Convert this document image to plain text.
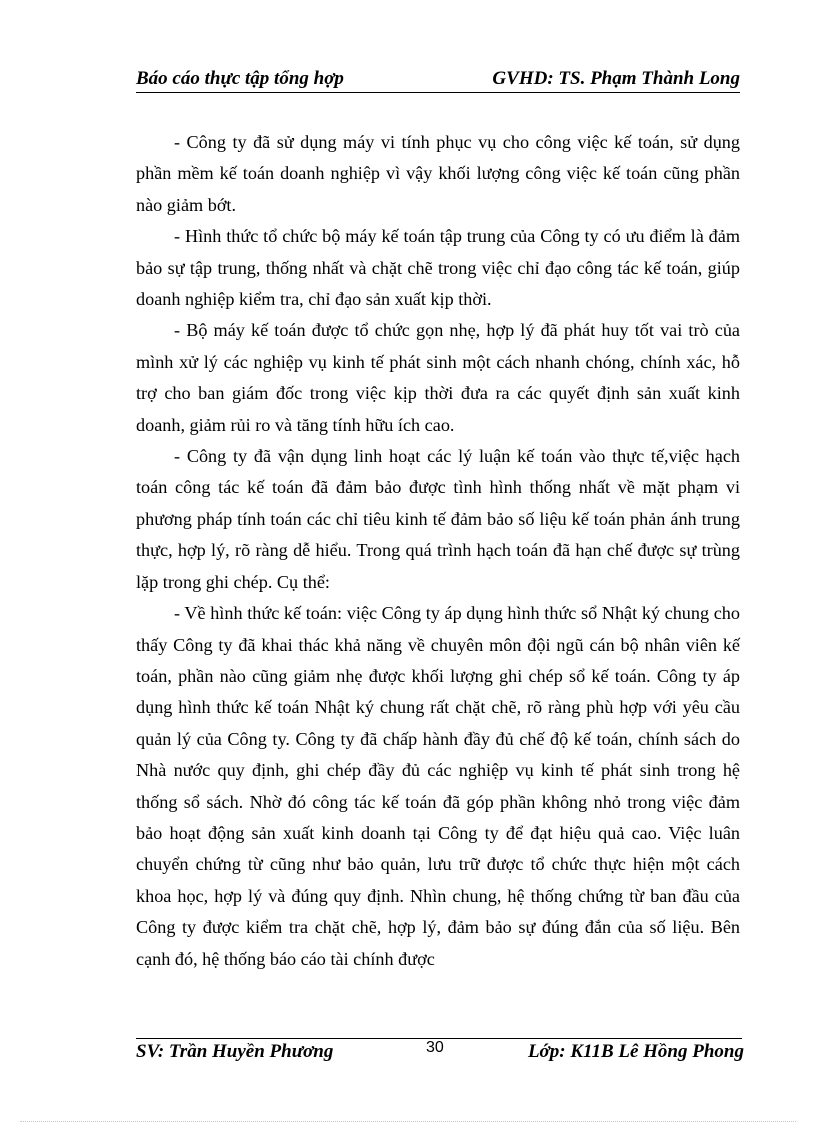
Báo cáo thực tập tổng hợp	GVHD: TS. Phạm Thành Long

- Công ty đã sử dụng máy vi tính phục vụ cho công việc kế toán, sử dụng phần mềm kế toán doanh nghiệp vì vậy khối lượng công việc kế toán cũng phần nào giảm bớt.

- Hình thức tổ chức bộ máy kế toán tập trung của Công ty có ưu điểm là đảm bảo sự tập trung, thống nhất và chặt chẽ trong việc chỉ đạo công tác kế toán, giúp doanh nghiệp kiểm tra, chỉ đạo sản xuất kịp thời.

- Bộ máy kế toán được tổ chức gọn nhẹ, hợp lý đã phát huy tốt vai trò của mình xử lý các nghiệp vụ kinh tế phát sinh một cách nhanh chóng, chính xác, hỗ trợ cho ban giám đốc trong việc kịp thời đưa ra các quyết định sản xuất kinh doanh, giảm rủi ro và tăng tính hữu ích cao.

- Công ty đã vận dụng linh hoạt các lý luận kế toán vào thực tế,việc hạch toán công tác kế toán đã đảm bảo được tình hình thống nhất về mặt phạm vi phương pháp tính toán các chỉ tiêu kinh tế đảm bảo số liệu kế toán phản ánh trung thực, hợp lý, rõ ràng dễ hiểu. Trong quá trình hạch toán đã hạn chế được sự trùng lặp trong ghi chép. Cụ thể:

- Về hình thức kế toán: việc Công ty áp dụng hình thức sổ Nhật ký chung cho thấy Công ty đã khai thác khả năng về chuyên môn đội ngũ cán bộ nhân viên kế toán, phần nào cũng giảm nhẹ được khối lượng ghi chép sổ kế toán. Công ty áp dụng hình thức kế toán Nhật ký chung rất chặt chẽ, rõ ràng phù hợp với yêu cầu quản lý của Công ty. Công ty đã chấp hành đầy đủ chế độ kế toán, chính sách do Nhà nước quy định, ghi chép đầy đủ các nghiệp vụ kinh tế phát sinh trong hệ thống sổ sách. Nhờ đó công tác kế toán đã góp phần không nhỏ trong việc đảm bảo hoạt động sản xuất kinh doanh tại Công ty để đạt hiệu quả cao. Việc luân chuyển chứng từ cũng như bảo quản, lưu trữ được tổ chức thực hiện một cách khoa học, hợp lý và đúng quy định. Nhìn chung, hệ thống chứng từ ban đầu của Công ty được kiểm tra chặt chẽ, hợp lý, đảm bảo sự đúng đắn của số liệu. Bên cạnh đó, hệ thống báo cáo tài chính được

SV: Trần Huyền Phương	30	Lớp: K11B Lê Hồng Phong
